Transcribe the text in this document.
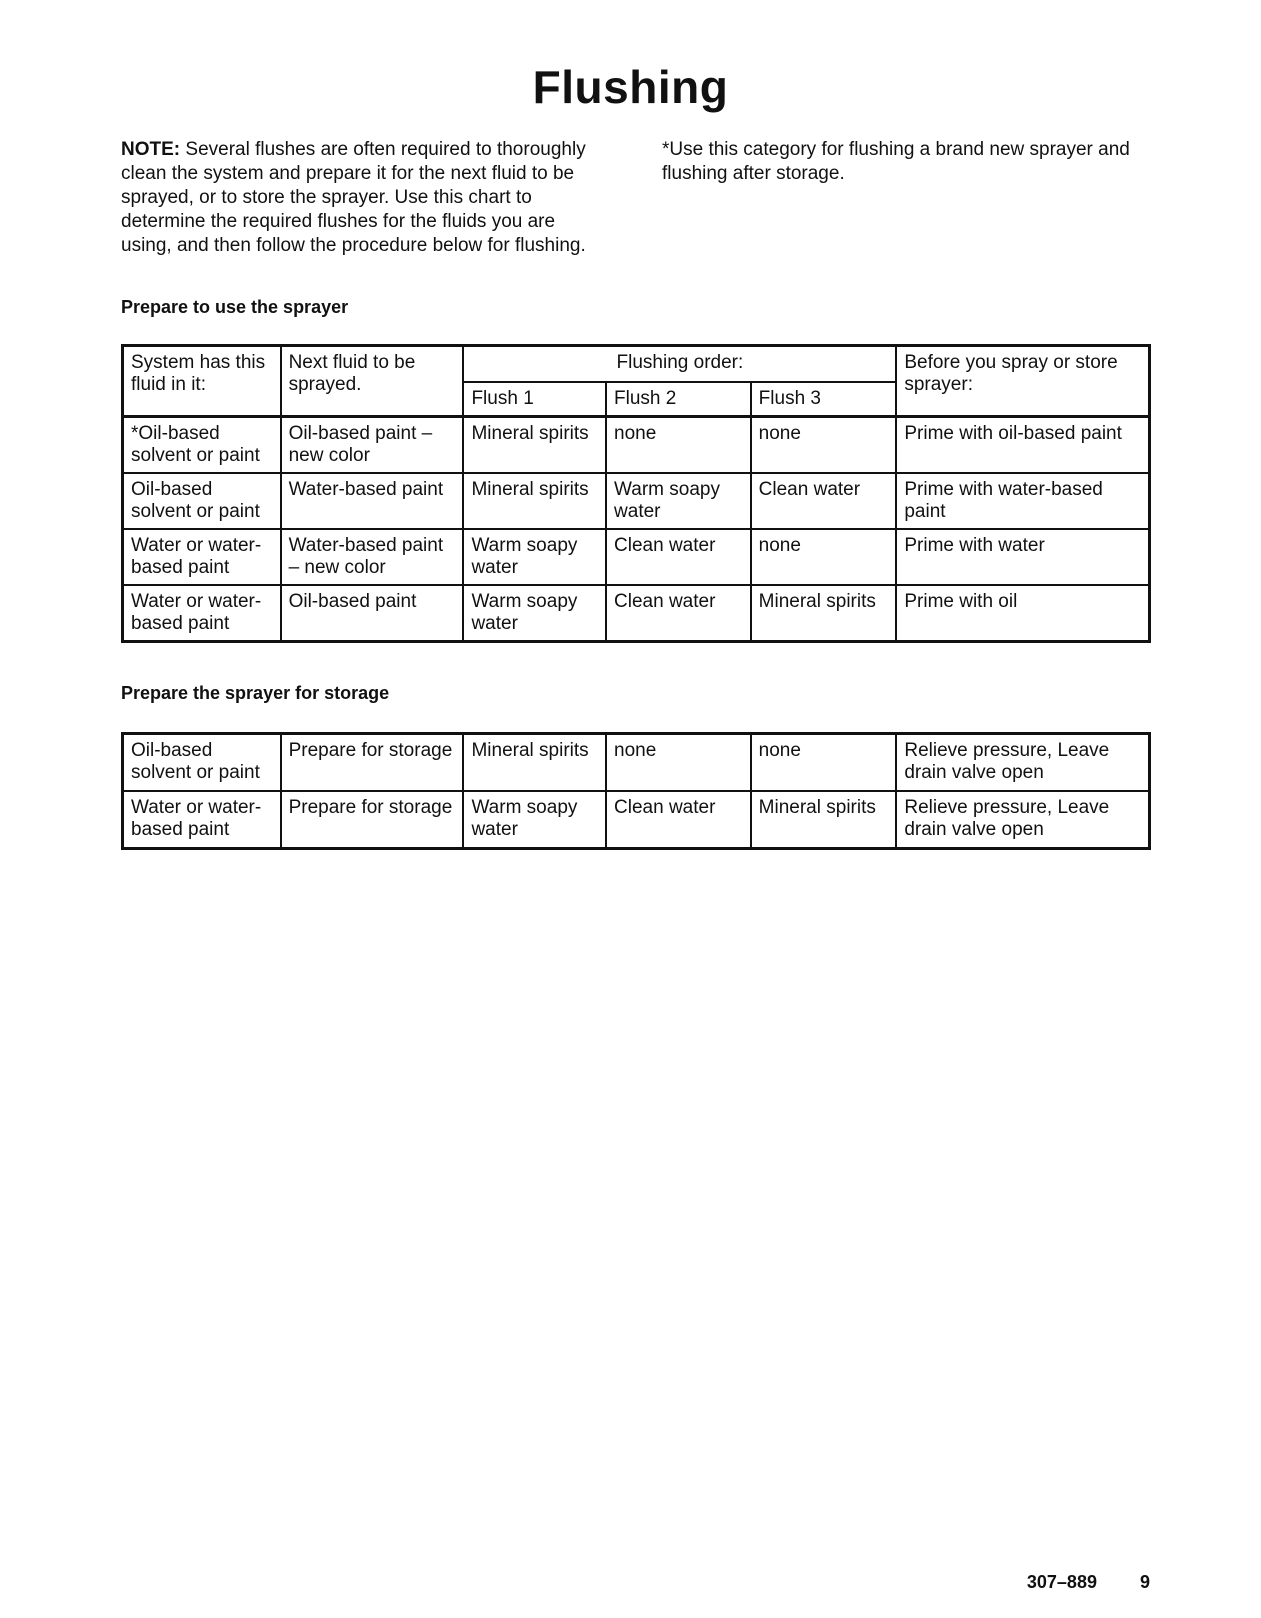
Flushing
NOTE: Several flushes are often required to thoroughly clean the system and prepare it for the next fluid to be sprayed, or to store the sprayer. Use this chart to determine the required flushes for the fluids you are using, and then follow the procedure below for flushing.
*Use this category for flushing a brand new sprayer and flushing after storage.
Prepare to use the sprayer
System has this fluid in it:	Next fluid to be sprayed.	Flushing order:			Before you spray or store sprayer:
		Flush 1	Flush 2	Flush 3	
*Oil-based solvent or paint	Oil-based paint – new color	Mineral spirits	none	none	Prime with oil-based paint
Oil-based solvent or paint	Water-based paint	Mineral spirits	Warm soapy water	Clean water	Prime with water-based paint
Water or water-based paint	Water-based paint – new color	Warm soapy water	Clean water	none	Prime with water
Water or water-based paint	Oil-based paint	Warm soapy water	Clean water	Mineral spirits	Prime with oil
Prepare the sprayer for storage
Oil-based solvent or paint	Prepare for storage	Mineral spirits	none	none	Relieve pressure, Leave drain valve open
Water or water-based paint	Prepare for storage	Warm soapy water	Clean water	Mineral spirits	Relieve pressure, Leave drain valve open
307–889 9
